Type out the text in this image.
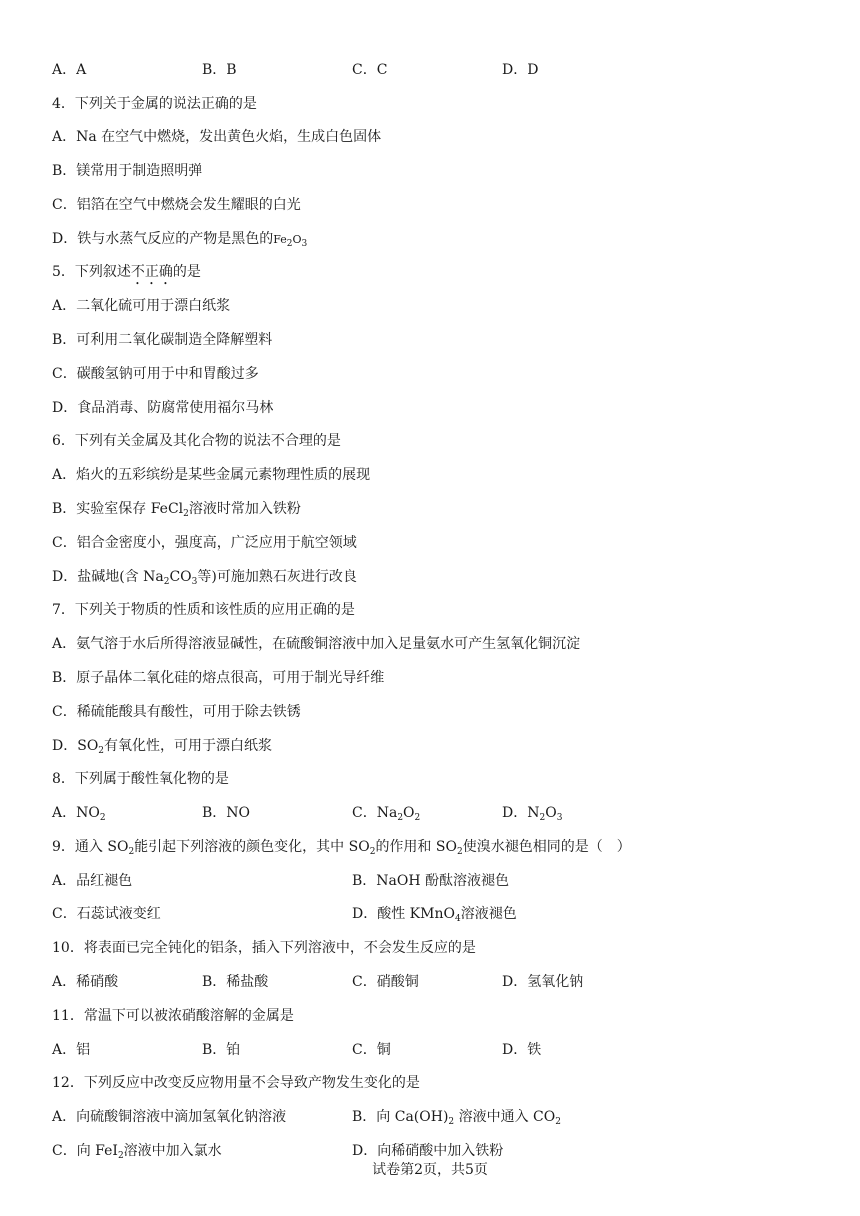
A．A	B．B	C．C	D．D
4．下列关于金属的说法正确的是
A．Na 在空气中燃烧，发出黄色火焰，生成白色固体
B．镁常用于制造照明弹
C．铝箔在空气中燃烧会发生耀眼的白光
D．铁与水蒸气反应的产物是黑色的$Fe_2O_3$
5．下列叙述不正确的是
A．二氧化硫可用于漂白纸浆
B．可利用二氧化碳制造全降解塑料
C．碳酸氢钠可用于中和胃酸过多
D．食品消毒、防腐常使用福尔马林
6．下列有关金属及其化合物的说法不合理的是
A．焰火的五彩缤纷是某些金属元素物理性质的展现
B．实验室保存 FeCl$_2$溶液时常加入铁粉
C．铝合金密度小，强度高，广泛应用于航空领域
D．盐碱地(含 $Na_2CO_3$等)可施加熟石灰进行改良
7．下列关于物质的性质和该性质的应用正确的是
A．氨气溶于水后所得溶液显碱性，在硫酸铜溶液中加入足量氨水可产生氢氧化铜沉淀
B．原子晶体二氧化硅的熔点很高，可用于制光导纤维
C．稀硫能酸具有酸性，可用于除去铁锈
D．$SO_2$有氧化性，可用于漂白纸浆
8．下列属于酸性氧化物的是
A．$NO_2$	B．NO	C．$Na_2O_2$	D．$N_2O_3$
9．通入 $SO_2$能引起下列溶液的颜色变化，其中 $SO_2$的作用和 $SO_2$使溴水褪色相同的是（　）
A．品红褪色	B．NaOH 酚酞溶液褪色
C．石蕊试液变红	D．酸性 KMnO$_4$溶液褪色
10．将表面已完全钝化的铝条，插入下列溶液中，不会发生反应的是
A．稀硝酸	B．稀盐酸	C．硝酸铜	D．氢氧化钠
11．常温下可以被浓硝酸溶解的金属是
A．铝	B．铂	C．铜	D．铁
12．下列反应中改变反应物用量不会导致产物发生变化的是
A．向硫酸铜溶液中滴加氢氧化钠溶液	B．向 $Ca(OH)_2$ 溶液中通入 $CO_2$
C．向 FeI$_2$溶液中加入氯水	D．向稀硝酸中加入铁粉
试卷第2页，共5页
